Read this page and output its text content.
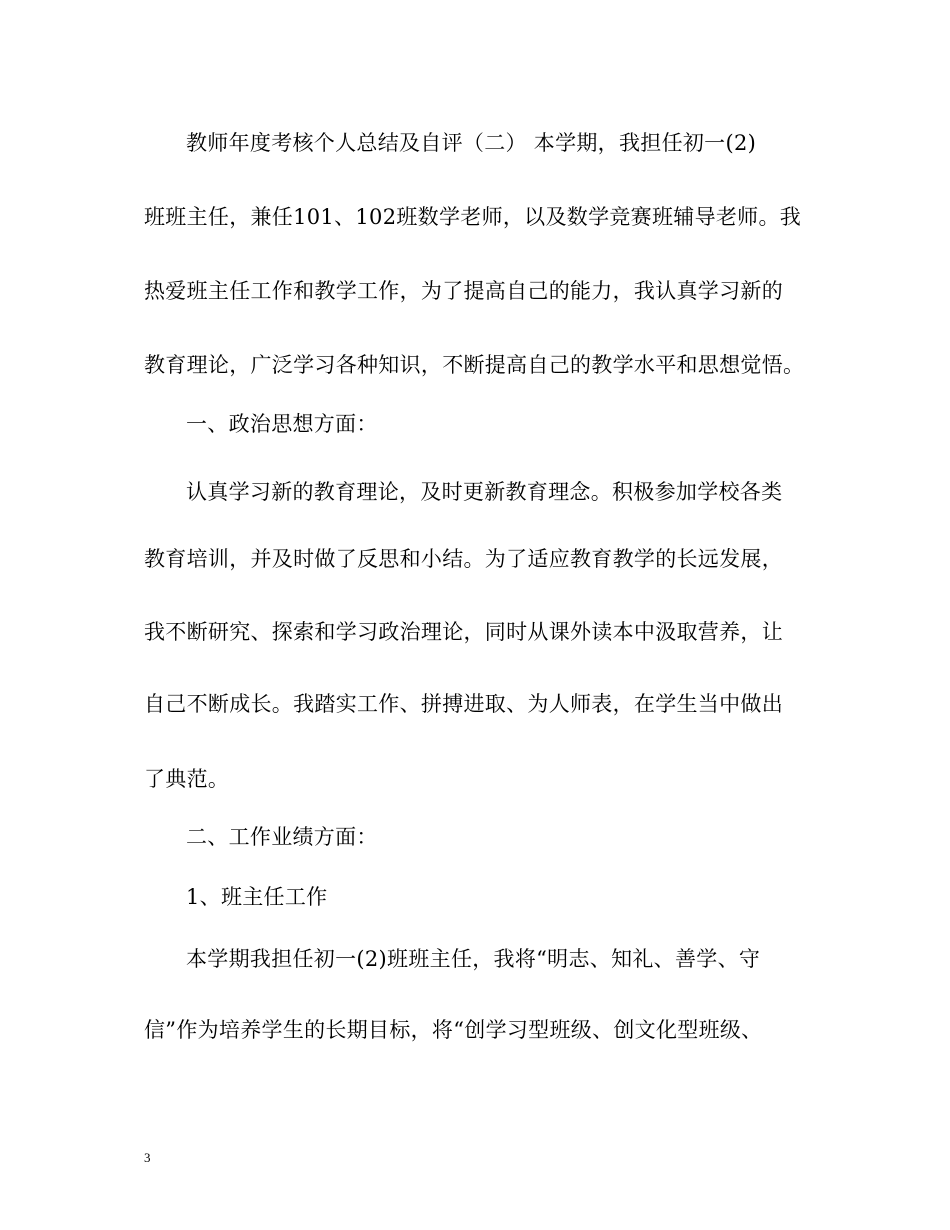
教师年度考核个人总结及自评（二） 本学期，我担任初一(2)
班班主任，兼任101、102班数学老师，以及数学竞赛班辅导老师。我
热爱班主任工作和教学工作，为了提高自己的能力，我认真学习新的
教育理论，广泛学习各种知识，不断提高自己的教学水平和思想觉悟。
一、政治思想方面：
认真学习新的教育理论，及时更新教育理念。积极参加学校各类
教育培训，并及时做了反思和小结。为了适应教育教学的长远发展，
我不断研究、探索和学习政治理论，同时从课外读本中汲取营养，让
自己不断成长。我踏实工作、拼搏进取、为人师表，在学生当中做出
了典范。
二、工作业绩方面：
1、班主任工作
本学期我担任初一(2)班班主任，我将“明志、知礼、善学、守
信”作为培养学生的长期目标，将“创学习型班级、创文化型班级、
3
